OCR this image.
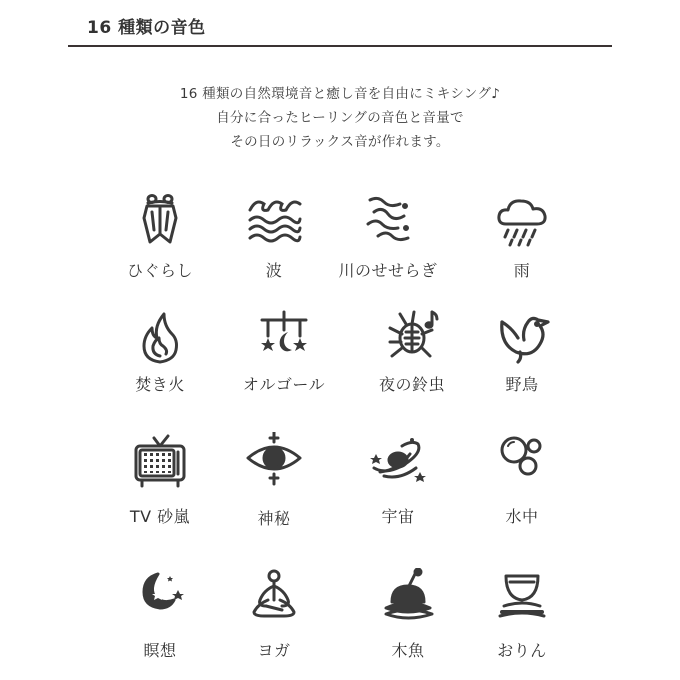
16 種類の音色
16 種類の自然環境音と癒し音を自由にミキシング♪
自分に合ったヒーリングの音色と音量で
その日のリラックス音が作れます。
ひぐらし	波	川のせせらぎ	雨
焚き火	オルゴール	夜の鈴虫	野鳥
TV 砂嵐	神秘	宇宙	水中
瞑想	ヨガ	木魚	おりん
